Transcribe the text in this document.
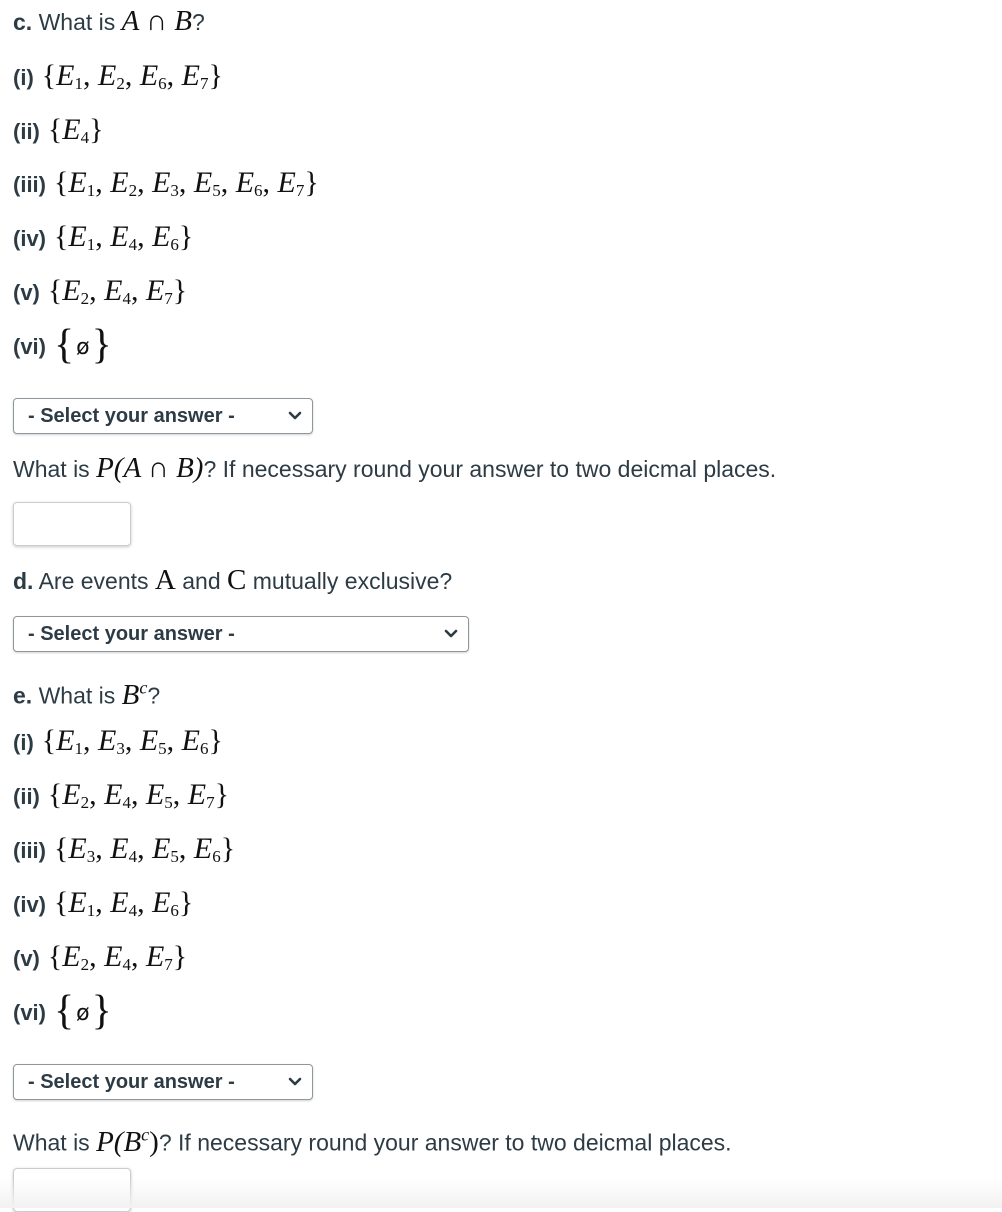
c. What is A ∩ B?
(i) {$E_1$, $E_2$, $E_6$, $E_7$}
(ii) $\{E_4\}$
(iii) {$E_1$, $E_2$, $E_3$, $E_5$, $E_6$, $E_7$}
(iv) {$E_1$, $E_4$, $E_6$}
(v) {$E_2$, $E_4$, $E_7$}
(vi) {ø}
- Select your answer -
What is P(A ∩ B)? If necessary round your answer to two deicmal places.
d. Are events A and C mutually exclusive?
- Select your answer -
e. What is $B^c$?
(i) {$E_1$, $E_3$, $E_5$, $E_6$}
(ii) {$E_2$, $E_4$, $E_5$, $E_7$}
(iii) {$E_3$, $E_4$, $E_5$, $E_6$}
(iv) {$E_1$, $E_4$, $E_6$}
(v) {$E_2$, $E_4$, $E_7$}
(vi) {ø}
- Select your answer -
What is $P(B^c)$? If necessary round your answer to two deicmal places.
